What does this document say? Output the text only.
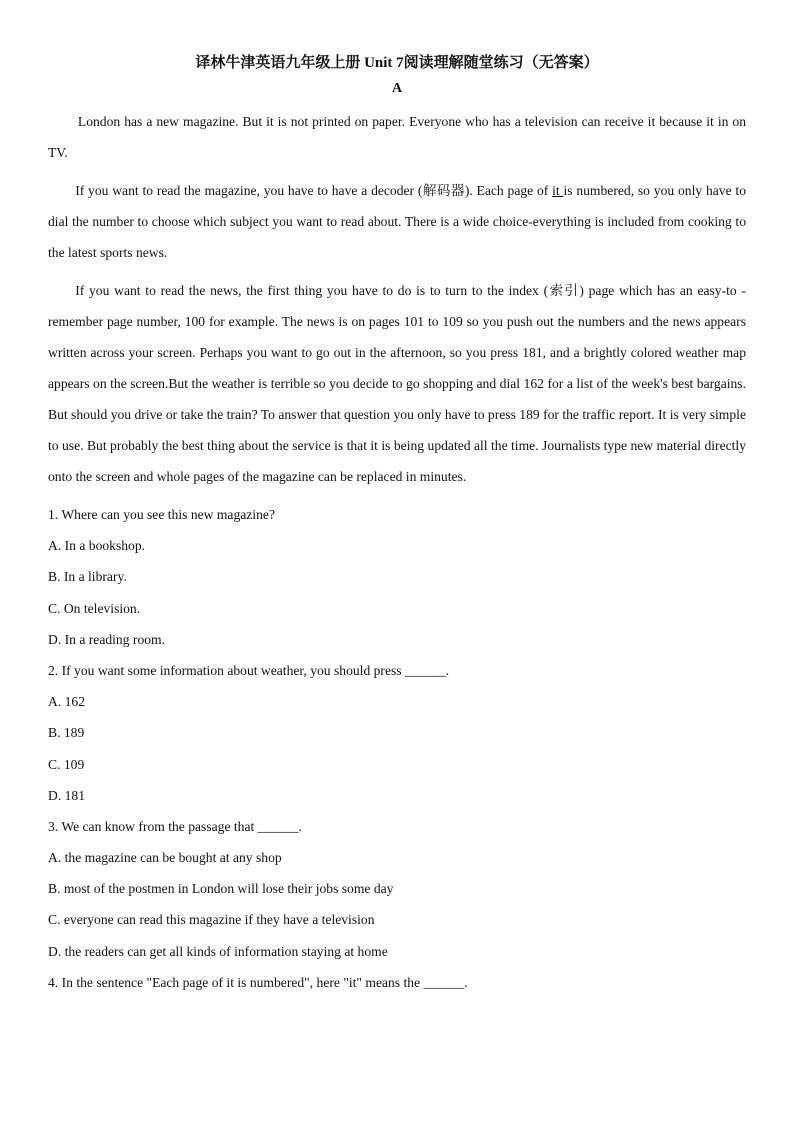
译林牛津英语九年级上册 Unit 7阅读理解随堂练习（无答案）
A

London has a new magazine. But it is not printed on paper. Everyone who has a television can receive it because it in on TV.

If you want to read the magazine, you have to have a decoder (解码器). Each page of it is numbered, so you only have to dial the number to choose which subject you want to read about. There is a wide choice-everything is included from cooking to the latest sports news.

If you want to read the news, the first thing you have to do is to turn to the index (索引) page which has an easy-to -remember page number, 100 for example. The news is on pages 101 to 109 so you push out the numbers and the news appears written across your screen. Perhaps you want to go out in the afternoon, so you press 181, and a brightly colored weather map appears on the screen.But the weather is terrible so you decide to go shopping and dial 162 for a list of the week's best bargains. But should you drive or take the train? To answer that question you only have to press 189 for the traffic report. It is very simple to use. But probably the best thing about the service is that it is being updated all the time. Journalists type new material directly onto the screen and whole pages of the magazine can be replaced in minutes.

1. Where can you see this new magazine?
A. In a bookshop.
B. In a library.
C. On television.
D. In a reading room.
2. If you want some information about weather, you should press ______.
A. 162
B. 189
C. 109
D. 181
3. We can know from the passage that ______.
A. the magazine can be bought at any shop
B. most of the postmen in London will lose their jobs some day
C. everyone can read this magazine if they have a television
D. the readers can get all kinds of information staying at home
4. In the sentence "Each page of it is numbered", here "it" means the ______.
